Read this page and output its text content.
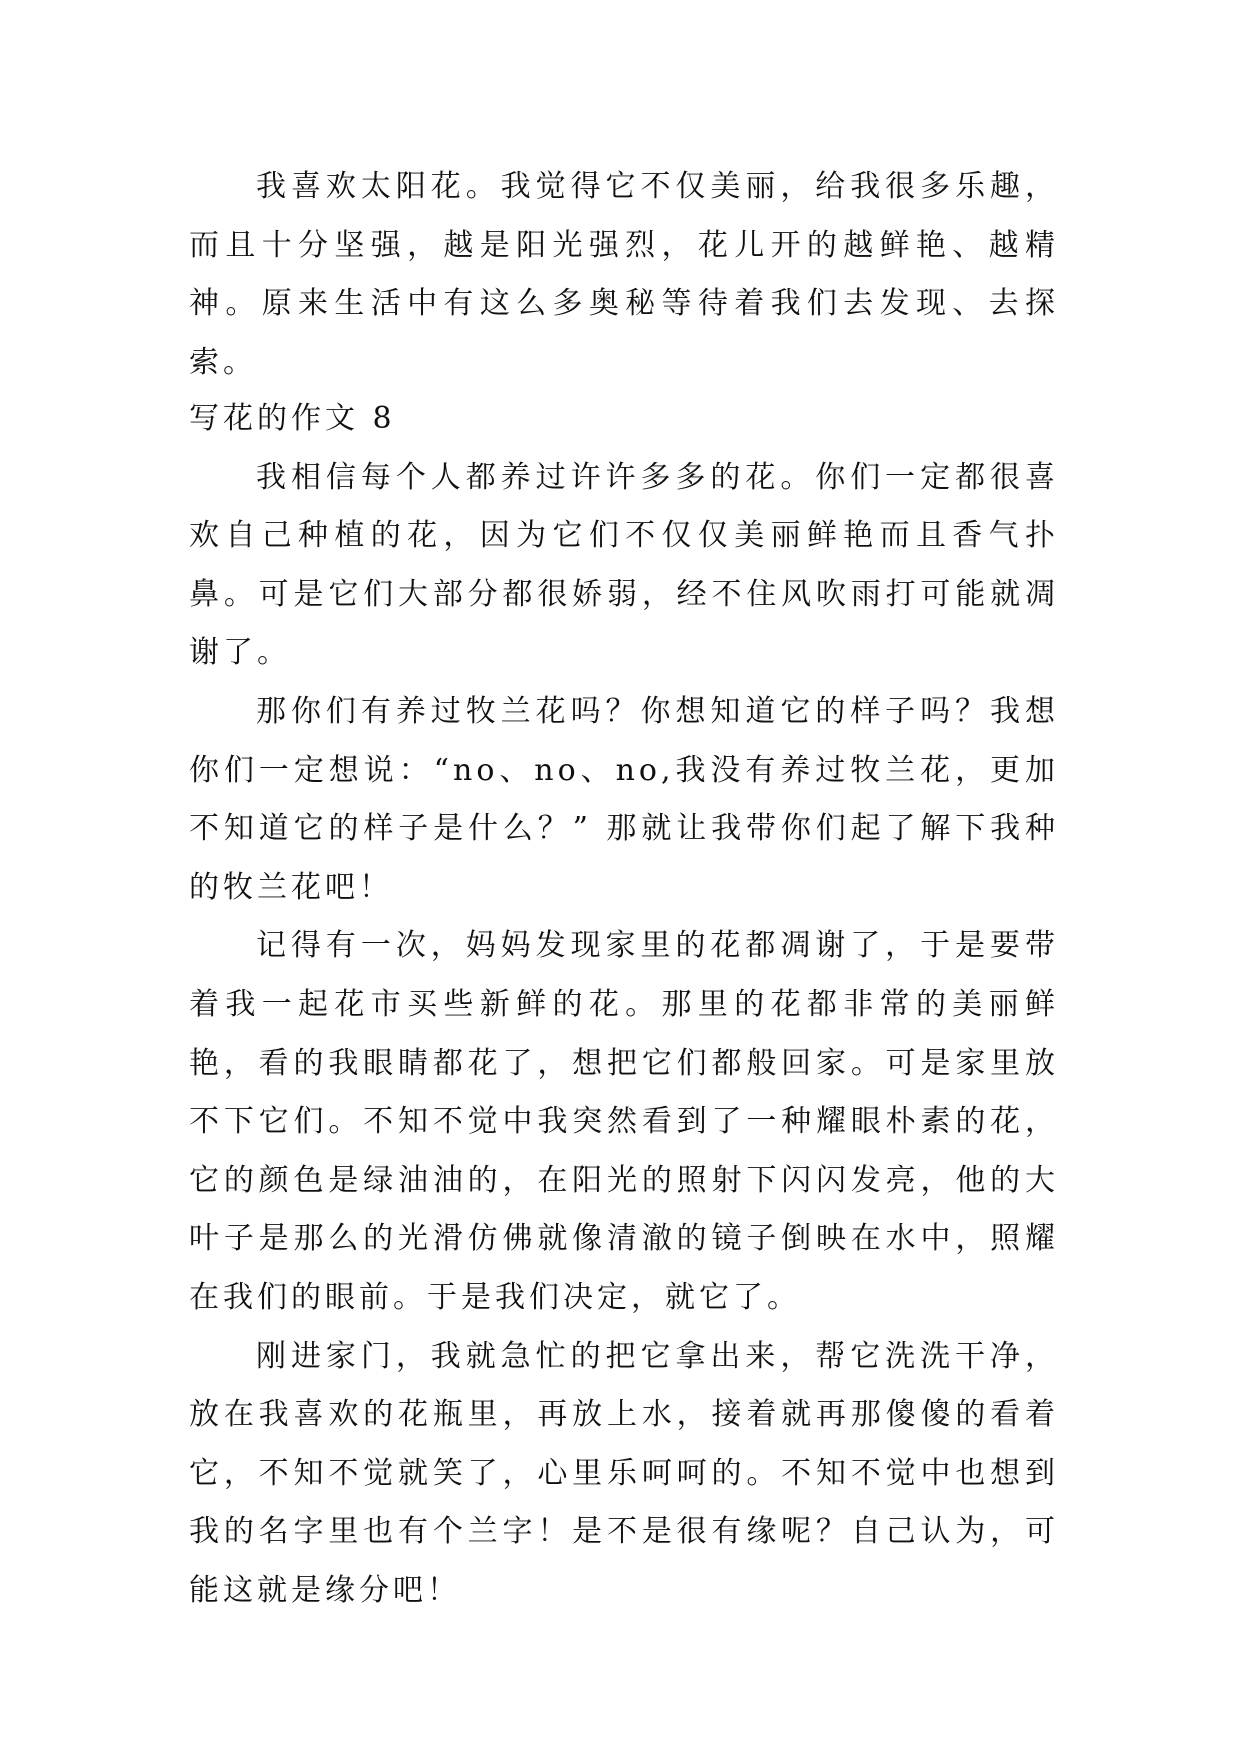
我喜欢太阳花。我觉得它不仅美丽，给我很多乐趣，而且十分坚强，越是阳光强烈，花儿开的越鲜艳、越精神。原来生活中有这么多奥秘等待着我们去发现、去探索。

写花的作文 8

我相信每个人都养过许许多多的花。你们一定都很喜欢自己种植的花，因为它们不仅仅美丽鲜艳而且香气扑鼻。可是它们大部分都很娇弱，经不住风吹雨打可能就凋谢了。

那你们有养过牧兰花吗？你想知道它的样子吗？我想你们一定想说：“no、no、no,我没有养过牧兰花，更加不知道它的样子是什么？” 那就让我带你们起了解下我种的牧兰花吧！

记得有一次，妈妈发现家里的花都凋谢了，于是要带着我一起花市买些新鲜的花。那里的花都非常的美丽鲜艳，看的我眼睛都花了，想把它们都般回家。可是家里放不下它们。不知不觉中我突然看到了一种耀眼朴素的花，它的颜色是绿油油的，在阳光的照射下闪闪发亮，他的大叶子是那么的光滑仿佛就像清澈的镜子倒映在水中，照耀在我们的眼前。于是我们决定，就它了。

刚进家门，我就急忙的把它拿出来，帮它洗洗干净，放在我喜欢的花瓶里，再放上水，接着就再那傻傻的看着它，不知不觉就笑了，心里乐呵呵的。不知不觉中也想到我的名字里也有个兰字！是不是很有缘呢？自己认为，可能这就是缘分吧！
